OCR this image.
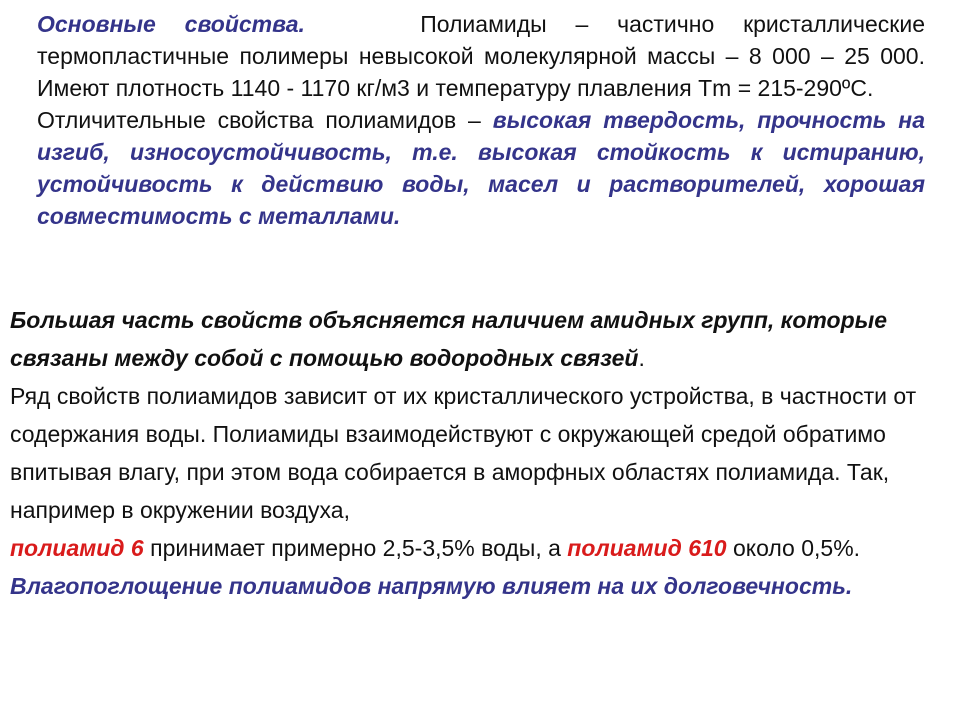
Основные свойства.	Полиамиды – частично кристаллические термопластичные полимеры невысокой молекулярной массы – 8 000 – 25 000. Имеют плотность 1140 - 1170 кг/м3 и температуру плавления Tm = 215-290ºC.

Отличительные свойства полиамидов – высокая твердость, прочность на изгиб, износоустойчивость, т.е. высокая стойкость к истиранию, устойчивость к действию воды, масел и растворителей, хорошая совместимость с металлами.

Большая часть свойств объясняется наличием амидных групп, которые связаны между собой с помощью водородных связей.

Ряд свойств полиамидов зависит от их кристаллического устройства, в частности от содержания воды. Полиамиды взаимодействуют с окружающей средой обратимо впитывая влагу, при этом вода собирается в аморфных областях полиамида. Так, например в окружении воздуха,
полиамид 6 принимает примерно 2,5-3,5% воды, а полиамид 610 около 0,5%.

Влагопоглощение полиамидов напрямую влияет на их долговечность.
